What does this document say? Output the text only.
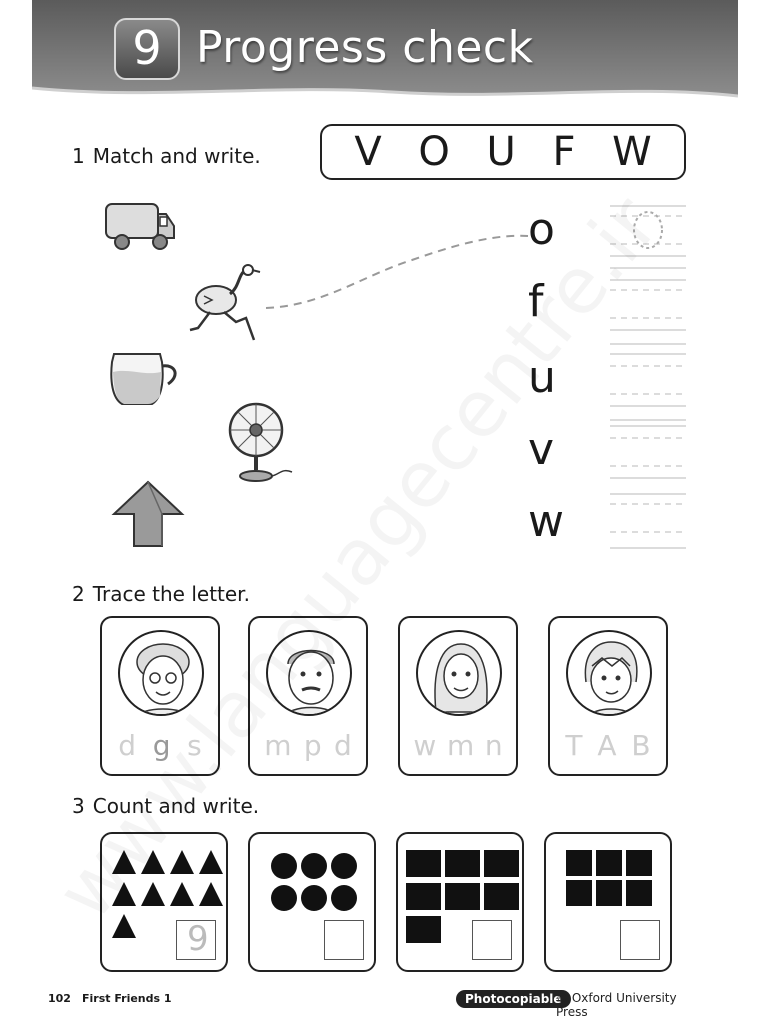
9 Progress check
1 Match and write. V O U F W
o
f
u
v
w
2 Trace the letter.
d g s m p d w m n T A B
3 Count and write.
9
102 First Friends 1	Photocopiable
© Oxford University Press
